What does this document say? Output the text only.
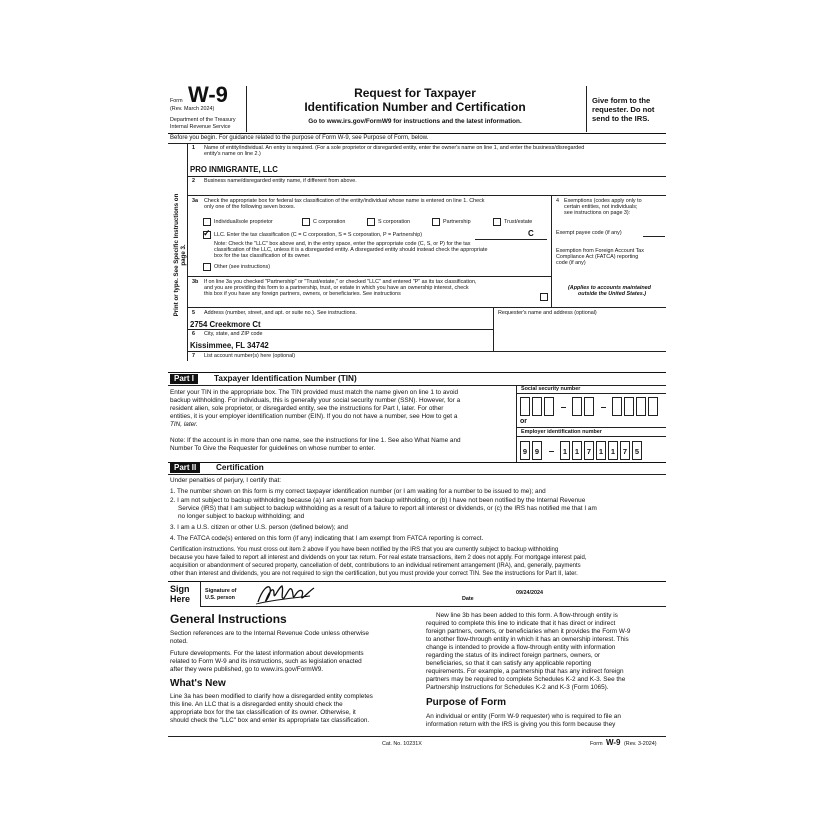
Form W-9
(Rev. March 2024)
Department of the Treasury
Internal Revenue Service
Request for Taxpayer
Identification Number and Certification
Go to www.irs.gov/FormW9 for instructions and the latest information.
Give form to the
requester. Do not
send to the IRS.
Before you begin. For guidance related to the purpose of Form W-9, see Purpose of Form, below.
Print or type. See Specific Instructions on page 3.
1 Name of entity/individual. An entry is required. (For a sole proprietor or disregarded entity, enter the owner's name on line 1, and enter the business/disregarded
entity's name on line 2.)
PRO INMIGRANTE, LLC
2 Business name/disregarded entity name, if different from above.
3a Check the appropriate box for federal tax classification of the entity/individual whose name is entered on line 1. Check
only one of the following seven boxes.
Individual/sole proprietor	C corporation	S corporation	Partnership	Trust/estate
✓ LLC. Enter the tax classification (C = C corporation, S = S corporation, P = Partnership)	C
Note: Check the "LLC" box above and, in the entry space, enter the appropriate code (C, S, or P) for the tax
classification of the LLC, unless it is a disregarded entity. A disregarded entity should instead check the appropriate
box for the tax classification of its owner.
Other (see instructions)
4 Exemptions (codes apply only to
certain entities, not individuals;
see instructions on page 3):
Exempt payee code (if any)
Exemption from Foreign Account Tax
Compliance Act (FATCA) reporting
code (if any)
(Applies to accounts maintained
outside the United States.)
3b If on line 3a you checked "Partnership" or "Trust/estate," or checked "LLC" and entered "P" as its tax classification,
and you are providing this form to a partnership, trust, or estate in which you have an ownership interest, check
this box if you have any foreign partners, owners, or beneficiaries. See instructions
5 Address (number, street, and apt. or suite no.). See instructions.
2754 Creekmore Ct
Requester's name and address (optional)
6 City, state, and ZIP code
Kissimmee, FL 34742
7 List account number(s) here (optional)
Part I	Taxpayer Identification Number (TIN)
Enter your TIN in the appropriate box. The TIN provided must match the name given on line 1 to avoid
backup withholding. For individuals, this is generally your social security number (SSN). However, for a
resident alien, sole proprietor, or disregarded entity, see the instructions for Part I, later. For other
entities, it is your employer identification number (EIN). If you do not have a number, see How to get a
TIN, later.
Note: If the account is in more than one name, see the instructions for line 1. See also What Name and
Number To Give the Requester for guidelines on whose number to enter.
Social security number
or
Employer identification number
9	9	1	1	7	1	1	7	5
Part II	Certification
Under penalties of perjury, I certify that:
1. The number shown on this form is my correct taxpayer identification number (or I am waiting for a number to be issued to me); and
2. I am not subject to backup withholding because (a) I am exempt from backup withholding, or (b) I have not been notified by the Internal Revenue
Service (IRS) that I am subject to backup withholding as a result of a failure to report all interest or dividends, or (c) the IRS has notified me that I am
no longer subject to backup withholding; and
3. I am a U.S. citizen or other U.S. person (defined below); and
4. The FATCA code(s) entered on this form (if any) indicating that I am exempt from FATCA reporting is correct.
Certification instructions. You must cross out item 2 above if you have been notified by the IRS that you are currently subject to backup withholding
because you have failed to report all interest and dividends on your tax return. For real estate transactions, item 2 does not apply. For mortgage interest paid,
acquisition or abandonment of secured property, cancellation of debt, contributions to an individual retirement arrangement (IRA), and, generally, payments
other than interest and dividends, you are not required to sign the certification, but you must provide your correct TIN. See the instructions for Part II, later.
Sign
Here
Signature of
U.S. person	Date
09/24/2024
General Instructions
Section references are to the Internal Revenue Code unless otherwise
noted.
Future developments. For the latest information about developments
related to Form W-9 and its instructions, such as legislation enacted
after they were published, go to www.irs.gov/FormW9.
What's New
Line 3a has been modified to clarify how a disregarded entity completes
this line. An LLC that is a disregarded entity should check the
appropriate box for the tax classification of its owner. Otherwise, it
should check the "LLC" box and enter its appropriate tax classification.
New line 3b has been added to this form. A flow-through entity is
required to complete this line to indicate that it has direct or indirect
foreign partners, owners, or beneficiaries when it provides the Form W-9
to another flow-through entity in which it has an ownership interest. This
change is intended to provide a flow-through entity with information
regarding the status of its indirect foreign partners, owners, or
beneficiaries, so that it can satisfy any applicable reporting
requirements. For example, a partnership that has any indirect foreign
partners may be required to complete Schedules K-2 and K-3. See the
Partnership Instructions for Schedules K-2 and K-3 (Form 1065).
Purpose of Form
An individual or entity (Form W-9 requester) who is required to file an
information return with the IRS is giving you this form because they
Cat. No. 10231X	Form W-9 (Rev. 3-2024)
